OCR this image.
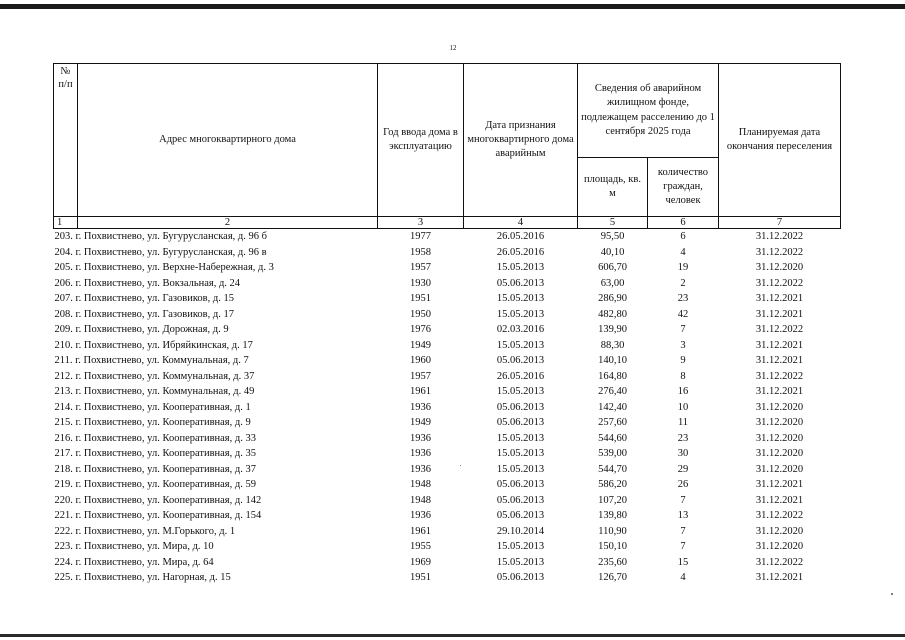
12
№
п/п	Адрес многоквартирного дома	Год ввода дома в эксплуатацию	Дата признания многоквартирного дома аварийным	Сведения об аварийном жилищном фонде, подлежащем расселению до 1 сентября 2025 года		Планируемая дата окончания переселения
				площадь, кв. м	количество граждан, человек	
1	2	3	4	5	6	7
203. г. Похвистнево, ул. Бугурусланская, д. 96 б		1977	26.05.2016	95,50	6	31.12.2022
204. г. Похвистнево, ул. Бугурусланская, д. 96 в		1958	26.05.2016	40,10	4	31.12.2022
205. г. Похвистнево, ул. Верхне-Набережная, д. 3		1957	15.05.2013	606,70	19	31.12.2020
206. г. Похвистнево, ул. Вокзальная, д. 24		1930	05.06.2013	63,00	2	31.12.2022
207. г. Похвистнево, ул. Газовиков, д. 15		1951	15.05.2013	286,90	23	31.12.2021
208. г. Похвистнево, ул. Газовиков, д. 17		1950	15.05.2013	482,80	42	31.12.2021
209. г. Похвистнево, ул. Дорожная, д. 9		1976	02.03.2016	139,90	7	31.12.2022
210. г. Похвистнево, ул. Ибряйкинская, д. 17		1949	15.05.2013	88,30	3	31.12.2021
211. г. Похвистнево, ул. Коммунальная, д. 7		1960	05.06.2013	140,10	9	31.12.2021
212. г. Похвистнево, ул. Коммунальная, д. 37		1957	26.05.2016	164,80	8	31.12.2022
213. г. Похвистнево, ул. Коммунальная, д. 49		1961	15.05.2013	276,40	16	31.12.2021
214. г. Похвистнево, ул. Кооперативная, д. 1		1936	05.06.2013	142,40	10	31.12.2020
215. г. Похвистнево, ул. Кооперативная, д. 9		1949	05.06.2013	257,60	11	31.12.2020
216. г. Похвистнево, ул. Кооперативная, д. 33		1936	15.05.2013	544,60	23	31.12.2020
217. г. Похвистнево, ул. Кооперативная, д. 35		1936	15.05.2013	539,00	30	31.12.2020
218. г. Похвистнево, ул. Кооперативная, д. 37		1936	15.05.2013	544,70	29	31.12.2020
219. г. Похвистнево, ул. Кооперативная, д. 59		1948	05.06.2013	586,20	26	31.12.2021
220. г. Похвистнево, ул. Кооперативная, д. 142		1948	05.06.2013	107,20	7	31.12.2021
221. г. Похвистнево, ул. Кооперативная, д. 154		1936	05.06.2013	139,80	13	31.12.2022
222. г. Похвистнево, ул. М.Горького, д. 1		1961	29.10.2014	110,90	7	31.12.2020
223. г. Похвистнево, ул. Мира, д. 10		1955	15.05.2013	150,10	7	31.12.2020
224. г. Похвистнево, ул. Мира, д. 64		1969	15.05.2013	235,60	15	31.12.2022
225. г. Похвистнево, ул. Нагорная, д. 15		1951	05.06.2013	126,70	4	31.12.2021
